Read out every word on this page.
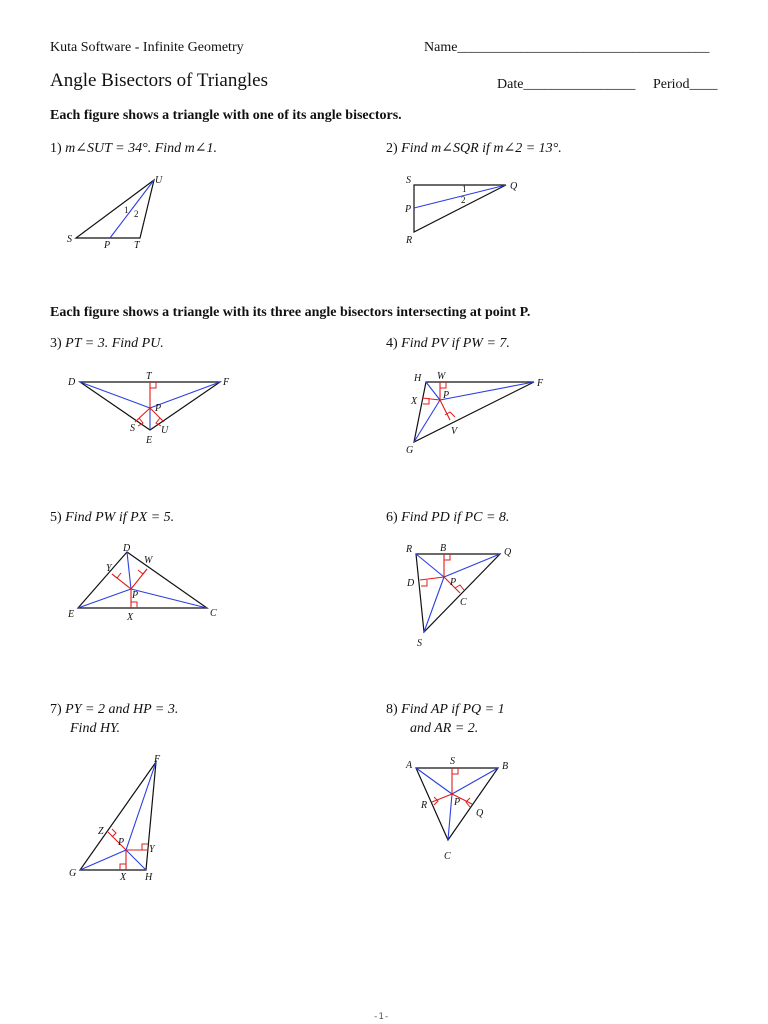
Kuta Software - Infinite Geometry	Name____________________________________
Angle Bisectors of Triangles	Date________________ Period____
Each figure shows a triangle with one of its angle bisectors.
1) m∠SUT = 34°. Find m∠1.
U
S
P T
1 2
2) Find m∠SQR if m∠2 = 13°.
S
Q
P
R
1
2
Each figure shows a triangle with its three angle bisectors intersecting at point P.
3) PT = 3. Find PU.
D
T
F
P
S	U
E
4) Find PV if PW = 7.
H W
F
X
P
V
G
5) Find PW if PX = 5.
D
W
Y
P
E	X	C
6) Find PD if PC = 8.
R	B	Q
D	P
C
S
7) PY = 2 and HP = 3.
Find HY.
F
Z
P
Y
G	X H
8) Find AP if PQ = 1
and AR = 2.
A	S	B
R	P
Q
C
-1-
